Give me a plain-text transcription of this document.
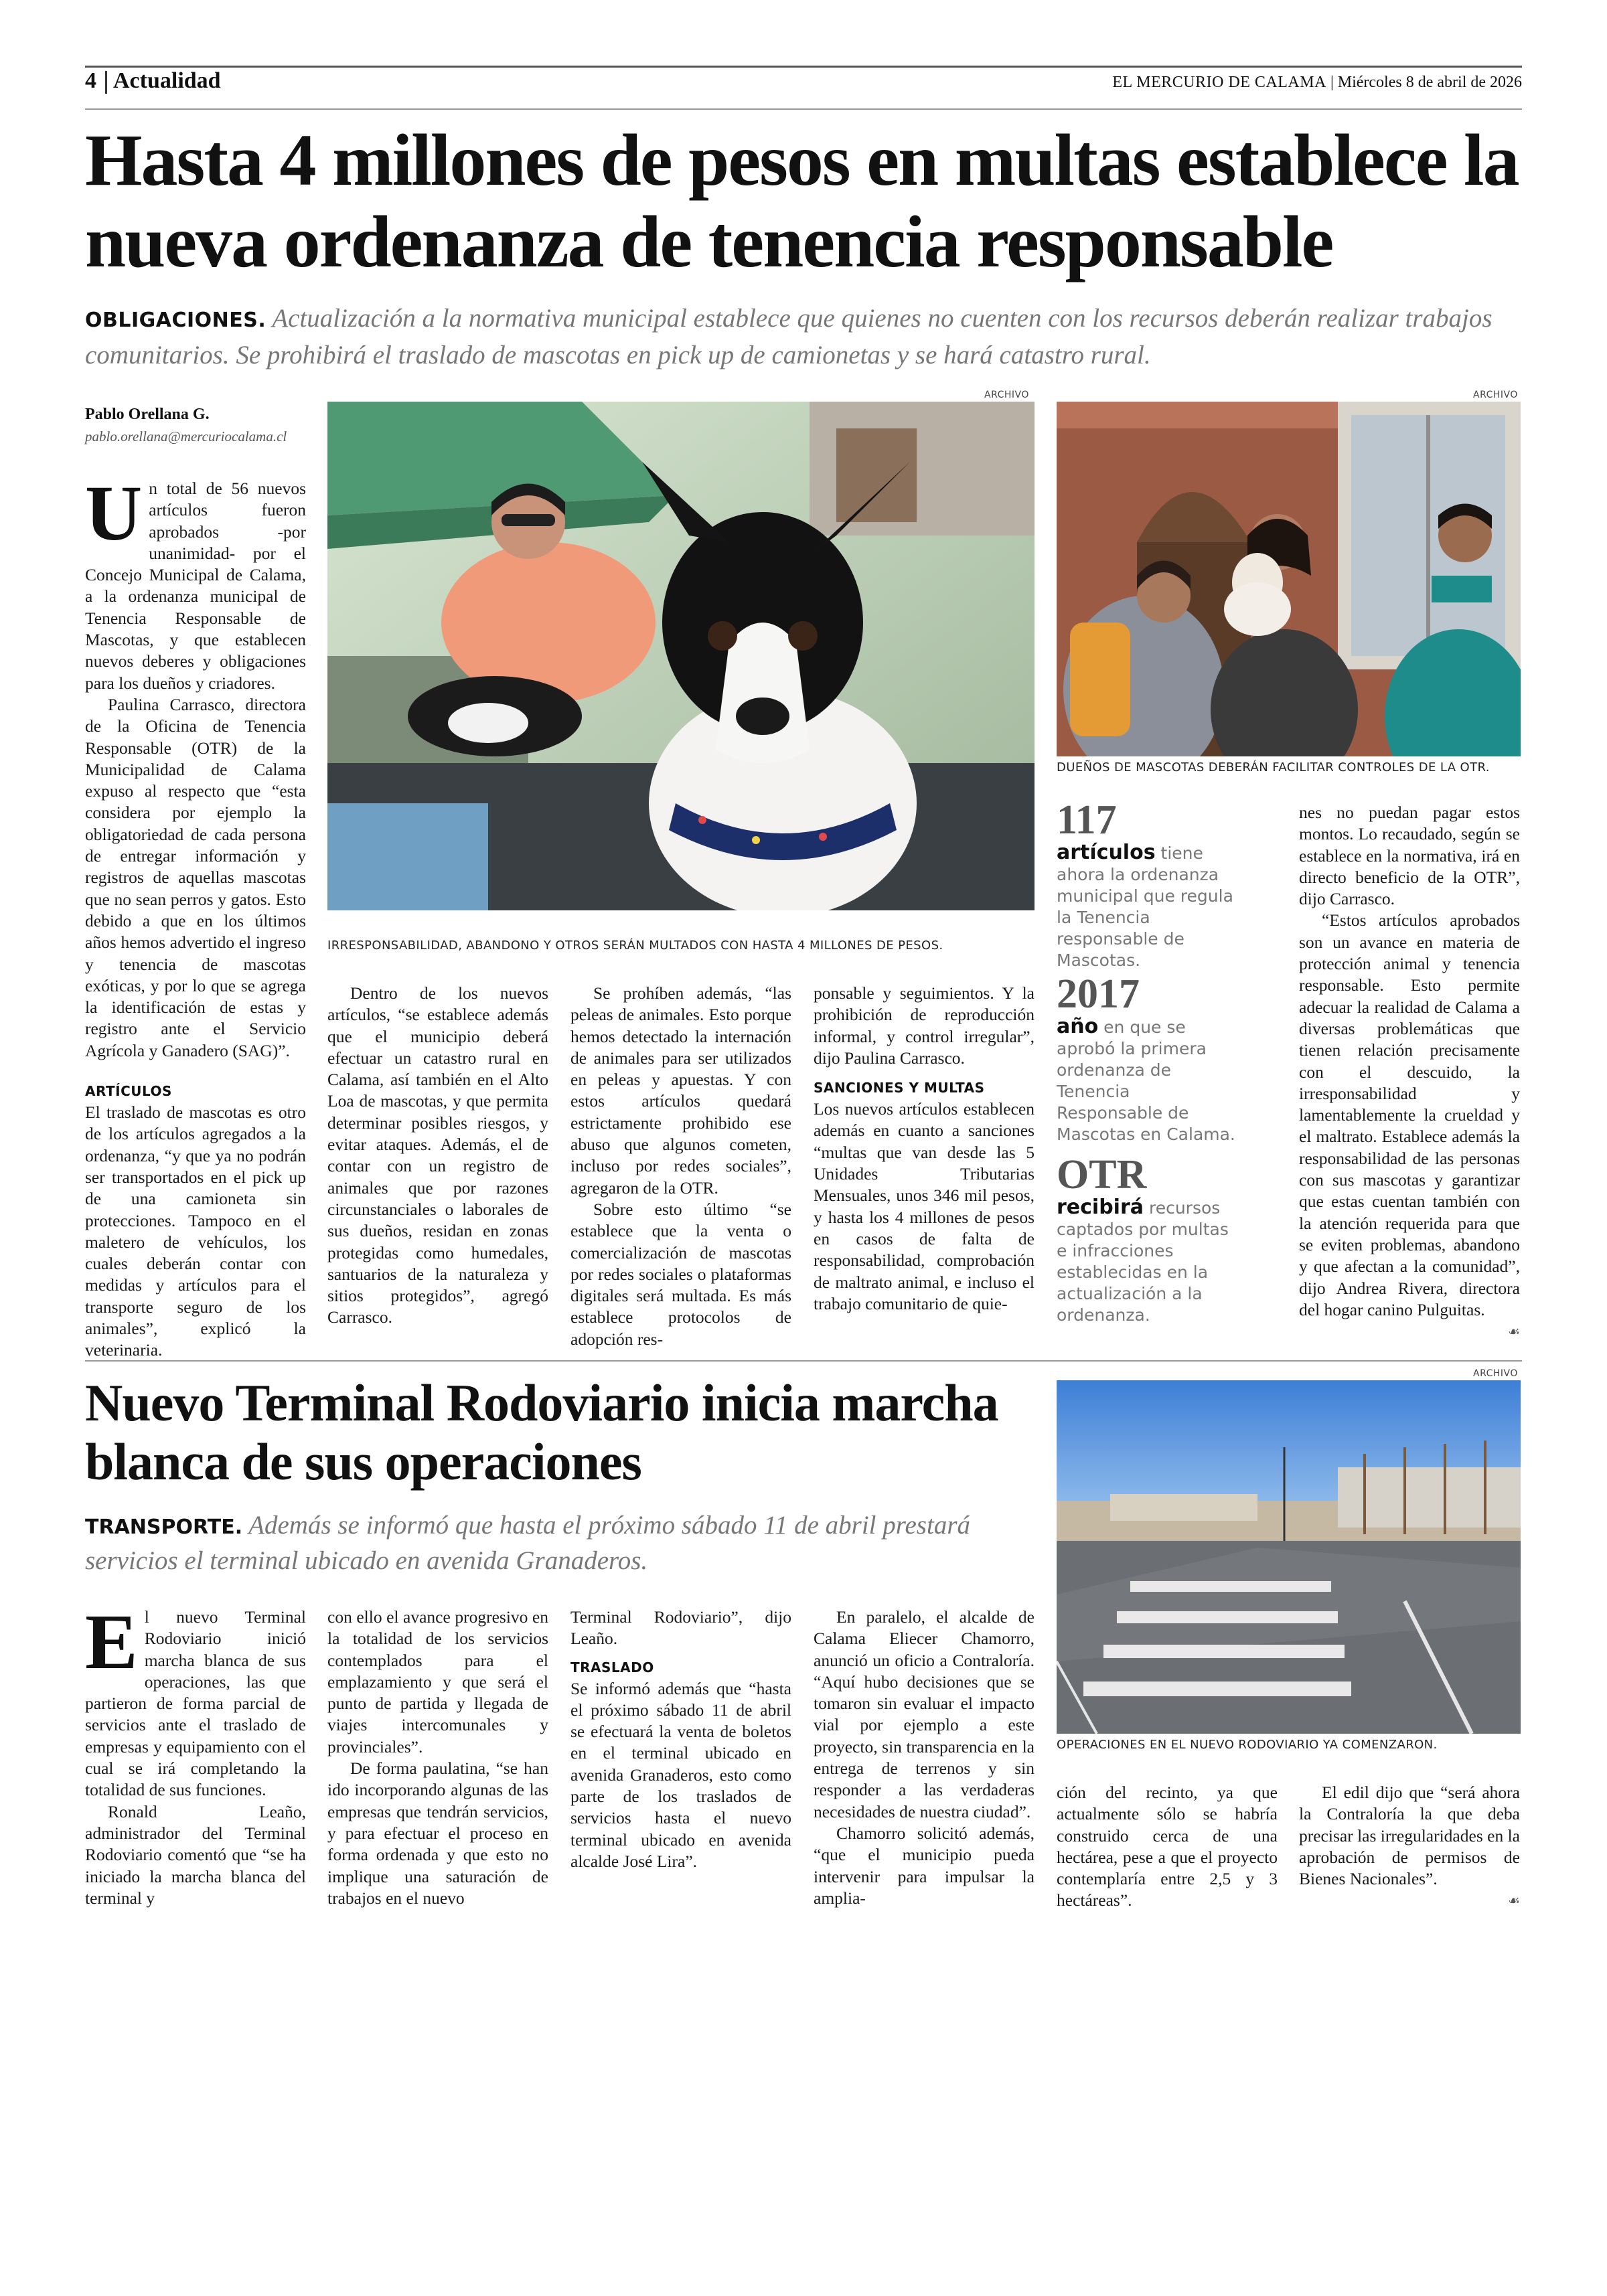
4 Actualidad	EL MERCURIO DE CALAMA | Miércoles 8 de abril de 2026
Hasta 4 millones de pesos en multas establece la nueva ordenanza de tenencia responsable
OBLIGACIONES. Actualización a la normativa municipal establece que quienes no cuenten con los recursos deberán realizar trabajos comunitarios. Se prohibirá el traslado de mascotas en pick up de camionetas y se hará catastro rural.
Pablo Orellana G.
pablo.orellana@mercuriocalama.cl
ARCHIVO
IRRESPONSABILIDAD, ABANDONO Y OTROS SERÁN MULTADOS CON HASTA 4 MILLONES DE PESOS.
ARCHIVO
DUEÑOS DE MASCOTAS DEBERÁN FACILITAR CONTROLES DE LA OTR.

Un total de 56 nuevos artículos fueron aprobados -por unanimidad- por el Concejo Municipal de Calama, a la ordenanza municipal de Tenencia Responsable de Mascotas, y que establecen nuevos deberes y obligaciones para los dueños y criadores.

Paulina Carrasco, directora de la Oficina de Tenencia Responsable (OTR) de la Municipalidad de Calama expuso al respecto que “esta considera por ejemplo la obligatoriedad de cada persona de entregar información y registros de aquellas mascotas que no sean perros y gatos. Esto debido a que en los últimos años hemos advertido el ingreso y tenencia de mascotas exóticas, y por lo que se agrega la identificación de estas y registro ante el Servicio Agrícola y Ganadero (SAG)”.

ARTÍCULOS

El traslado de mascotas es otro de los artículos agregados a la ordenanza, “y que ya no podrán ser transportados en el pick up de una camioneta sin protecciones. Tampoco en el maletero de vehículos, los cuales deberán contar con medidas y artículos para el transporte seguro de los animales”, explicó la veterinaria.

Dentro de los nuevos artículos, “se establece además que el municipio deberá efectuar un catastro rural en Calama, así también en el Alto Loa de mascotas, y que permita determinar posibles riesgos, y evitar ataques. Además, el de contar con un registro de animales que por razones circunstanciales o laborales de sus dueños, residan en zonas protegidas como humedales, santuarios de la naturaleza y sitios protegidos”, agregó Carrasco.

Se prohíben además, “las peleas de animales. Esto porque hemos detectado la internación de animales para ser utilizados en peleas y apuestas. Y con estos artículos quedará estrictamente prohibido ese abuso que algunos cometen, incluso por redes sociales”, agregaron de la OTR.

Sobre esto último “se establece que la venta o comercialización de mascotas por redes sociales o plataformas digitales será multada. Es más establece protocolos de adopción res-

ponsable y seguimientos. Y la prohibición de reproducción informal, y control irregular”, dijo Paulina Carrasco.

SANCIONES Y MULTAS

Los nuevos artículos establecen además en cuanto a sanciones “multas que van desde las 5 Unidades Tributarias Mensuales, unos 346 mil pesos, y hasta los 4 millones de pesos en casos de falta de responsabilidad, comprobación de maltrato animal, e incluso el trabajo comunitario de quie-

117
artículos tiene ahora la ordenanza municipal que regula la Tenencia responsable de Mascotas.
2017
año en que se aprobó la primera ordenanza de Tenencia Responsable de Mascotas en Calama.
OTR
recibirá recursos captados por multas e infracciones establecidas en la actualización a la ordenanza.

nes no puedan pagar estos montos. Lo recaudado, según se establece en la normativa, irá en directo beneficio de la OTR”, dijo Carrasco.

“Estos artículos aprobados son un avance en materia de protección animal y tenencia responsable. Esto permite adecuar la realidad de Calama a diversas problemáticas que tienen relación precisamente con el descuido, la irresponsabilidad y lamentablemente la crueldad y el maltrato. Establece además la responsabilidad de las personas con sus mascotas y garantizar que estas cuentan también con la atención requerida para que se eviten problemas, abandono y que afectan a la comunidad”, dijo Andrea Rivera, directora del hogar canino Pulguitas.

☙
Nuevo Terminal Rodoviario inicia marcha blanca de sus operaciones
TRANSPORTE. Además se informó que hasta el próximo sábado 11 de abril prestará servicios el terminal ubicado en avenida Granaderos.
ARCHIVO
OPERACIONES EN EL NUEVO RODOVIARIO YA COMENZARON.

El nuevo Terminal Rodoviario inició marcha blanca de sus operaciones, las que partieron de forma parcial de servicios ante el traslado de empresas y equipamiento con el cual se irá completando la totalidad de sus funciones.

Ronald Leaño, administrador del Terminal Rodoviario comentó que “se ha iniciado la marcha blanca del terminal y

con ello el avance progresivo en la totalidad de los servicios contemplados para el emplazamiento y que será el punto de partida y llegada de viajes intercomunales y provinciales”.

De forma paulatina, “se han ido incorporando algunas de las empresas que tendrán servicios, y para efectuar el proceso en forma ordenada y que esto no implique una saturación de trabajos en el nuevo

Terminal Rodoviario”, dijo Leaño.

TRASLADO

Se informó además que “hasta el próximo sábado 11 de abril se efectuará la venta de boletos en el terminal ubicado en avenida Granaderos, esto como parte de los traslados de servicios hasta el nuevo terminal ubicado en avenida alcalde José Lira”.

En paralelo, el alcalde de Calama Eliecer Chamorro, anunció un oficio a Contraloría. “Aquí hubo decisiones que se tomaron sin evaluar el impacto vial por ejemplo a este proyecto, sin transparencia en la entrega de terrenos y sin responder a las verdaderas necesidades de nuestra ciudad”.

Chamorro solicitó además, “que el municipio pueda intervenir para impulsar la amplia-

ción del recinto, ya que actualmente sólo se habría construido cerca de una hectárea, pese a que el proyecto contemplaría entre 2,5 y 3 hectáreas”.

El edil dijo que “será ahora la Contraloría la que deba precisar las irregularidades en la aprobación de permisos de Bienes Nacionales”.

☙
